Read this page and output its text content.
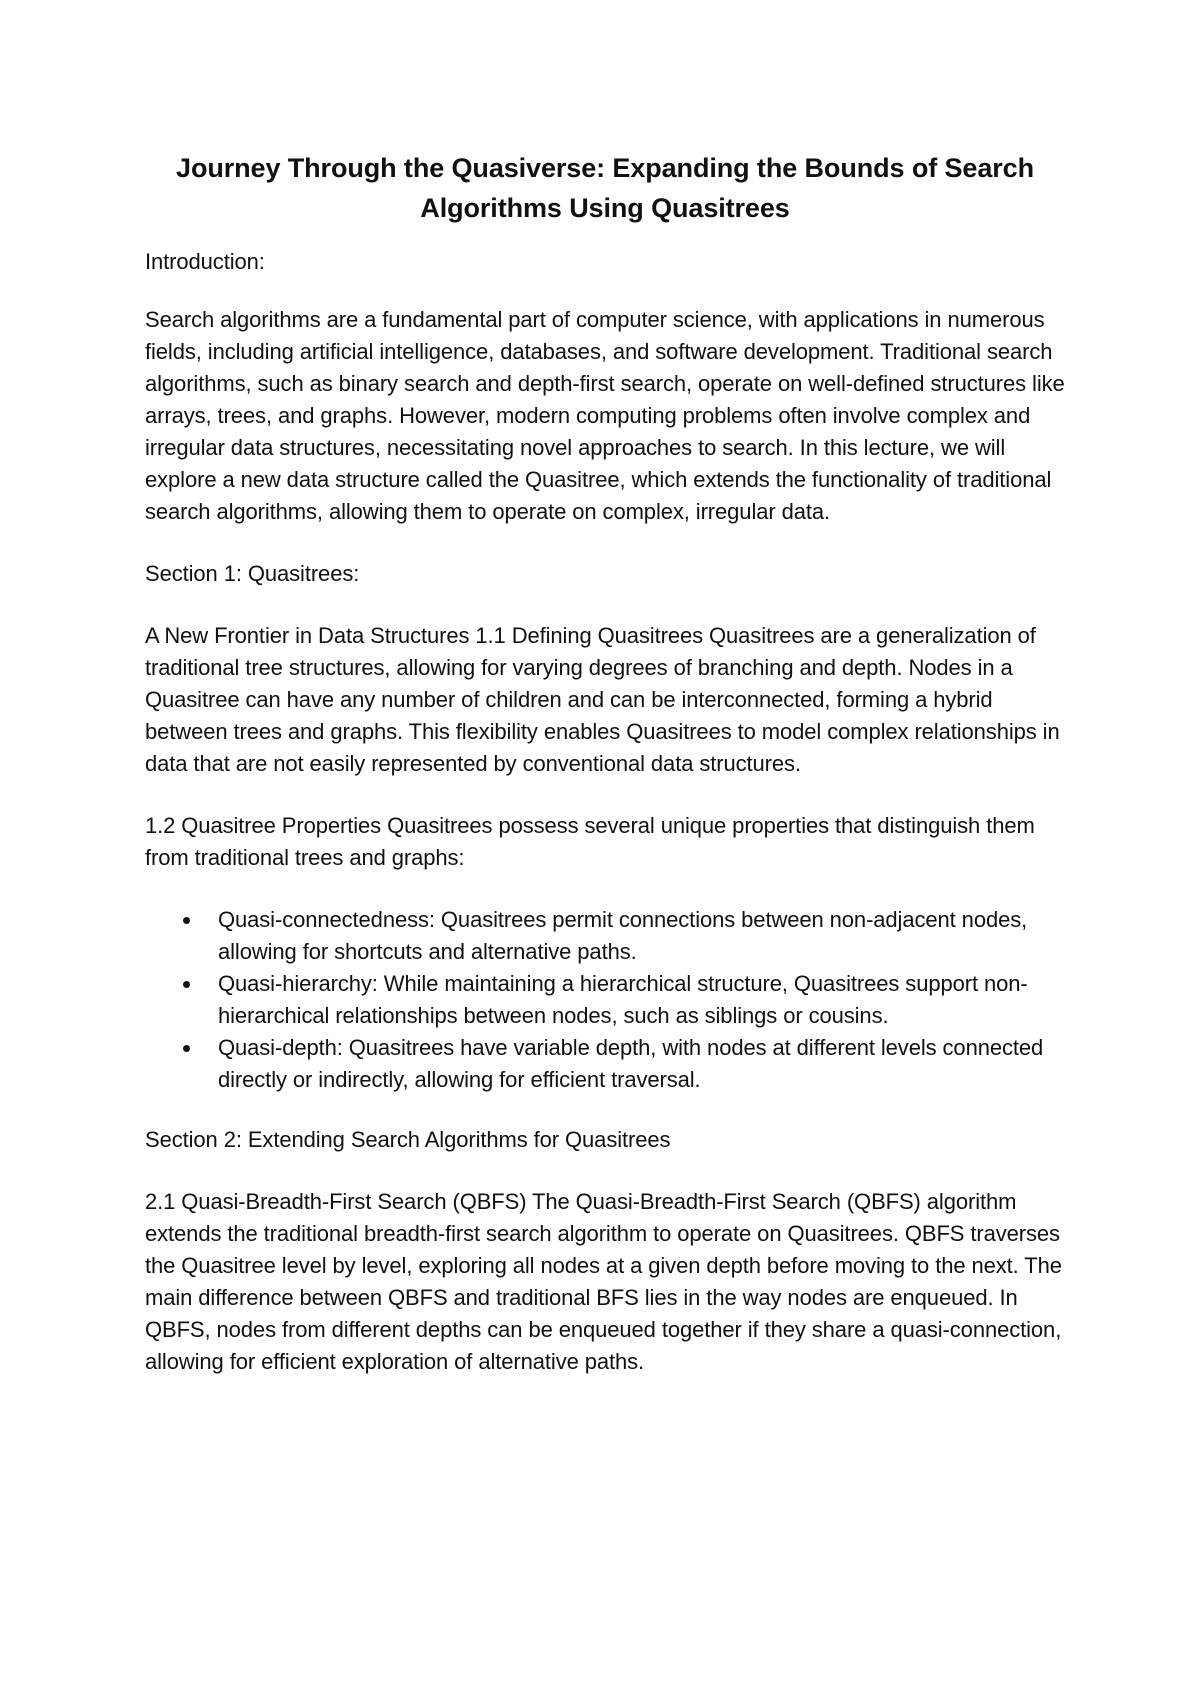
Journey Through the Quasiverse: Expanding the Bounds of Search Algorithms Using Quasitrees

Introduction:

Search algorithms are a fundamental part of computer science, with applications in numerous fields, including artificial intelligence, databases, and software development. Traditional search algorithms, such as binary search and depth-first search, operate on well-defined structures like arrays, trees, and graphs. However, modern computing problems often involve complex and irregular data structures, necessitating novel approaches to search. In this lecture, we will explore a new data structure called the Quasitree, which extends the functionality of traditional search algorithms, allowing them to operate on complex, irregular data.

Section 1: Quasitrees:

A New Frontier in Data Structures 1.1 Defining Quasitrees Quasitrees are a generalization of traditional tree structures, allowing for varying degrees of branching and depth. Nodes in a Quasitree can have any number of children and can be interconnected, forming a hybrid between trees and graphs. This flexibility enables Quasitrees to model complex relationships in data that are not easily represented by conventional data structures.

1.2 Quasitree Properties Quasitrees possess several unique properties that distinguish them from traditional trees and graphs:

Quasi-connectedness: Quasitrees permit connections between non-adjacent nodes, allowing for shortcuts and alternative paths.
Quasi-hierarchy: While maintaining a hierarchical structure, Quasitrees support non-hierarchical relationships between nodes, such as siblings or cousins.
Quasi-depth: Quasitrees have variable depth, with nodes at different levels connected directly or indirectly, allowing for efficient traversal.

Section 2: Extending Search Algorithms for Quasitrees

2.1 Quasi-Breadth-First Search (QBFS) The Quasi-Breadth-First Search (QBFS) algorithm extends the traditional breadth-first search algorithm to operate on Quasitrees. QBFS traverses the Quasitree level by level, exploring all nodes at a given depth before moving to the next. The main difference between QBFS and traditional BFS lies in the way nodes are enqueued. In QBFS, nodes from different depths can be enqueued together if they share a quasi-connection, allowing for efficient exploration of alternative paths.
